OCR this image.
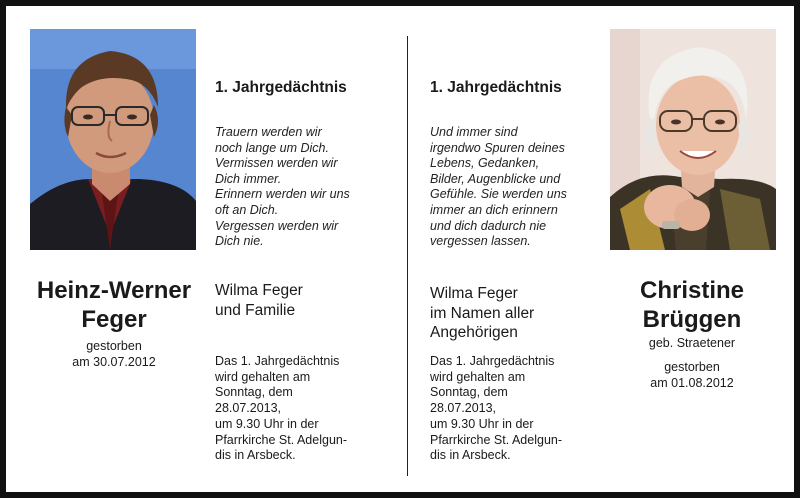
1. Jahrgedächtnis
Trauern werden wir
noch lange um Dich.
Vermissen werden wir
Dich immer.
Erinnern werden wir uns
oft an Dich.
Vergessen werden wir
Dich nie.
Heinz-Werner
Feger
gestorben
am 30.07.2012
Wilma Feger
und Familie
Das 1. Jahrgedächtnis
wird gehalten am
Sonntag, dem
28.07.2013,
um 9.30 Uhr in der
Pfarrkirche St. Adelgun-
dis in Arsbeck.
1. Jahrgedächtnis
Und immer sind
irgendwo Spuren deines
Lebens, Gedanken,
Bilder, Augenblicke und
Gefühle. Sie werden uns
immer an dich erinnern
und dich dadurch nie
vergessen lassen.
Wilma Feger
im Namen aller
Angehörigen
Das 1. Jahrgedächtnis
wird gehalten am
Sonntag, dem
28.07.2013,
um 9.30 Uhr in der
Pfarrkirche St. Adelgun-
dis in Arsbeck.
Christine
Brüggen
geb. Straetener
gestorben
am 01.08.2012
